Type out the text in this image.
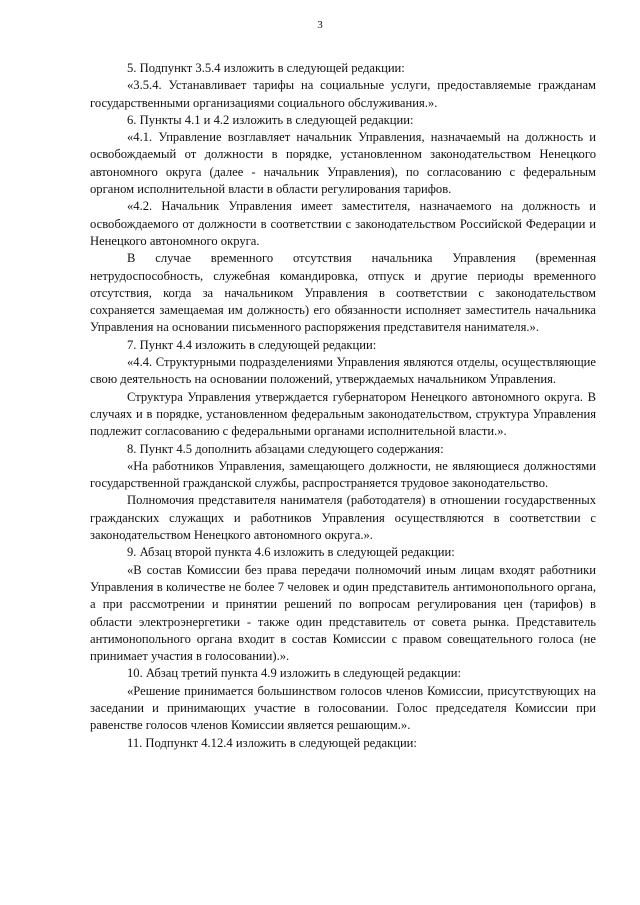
3

5. Подпункт 3.5.4 изложить в следующей редакции:

«3.5.4. Устанавливает тарифы на социальные услуги, предоставляемые гражданам государственными организациями социального обслуживания.».

6. Пункты 4.1 и 4.2 изложить в следующей редакции:

«4.1. Управление возглавляет начальник Управления, назначаемый на должность и освобождаемый от должности в порядке, установленном законодательством Ненецкого автономного округа (далее - начальник Управления), по согласованию с федеральным органом исполнительной власти в области регулирования тарифов.

«4.2. Начальник Управления имеет заместителя, назначаемого на должность и освобождаемого от должности в соответствии с законодательством Российской Федерации и Ненецкого автономного округа.

В случае временного отсутствия начальника Управления (временная нетрудоспособность, служебная командировка, отпуск и другие периоды временного отсутствия, когда за начальником Управления в соответствии с законодательством сохраняется замещаемая им должность) его обязанности исполняет заместитель начальника Управления на основании письменного распоряжения представителя нанимателя.».

7. Пункт 4.4 изложить в следующей редакции:

«4.4. Структурными подразделениями Управления являются отделы, осуществляющие свою деятельность на основании положений, утверждаемых начальником Управления.

Структура Управления утверждается губернатором Ненецкого автономного округа. В случаях и в порядке, установленном федеральным законодательством, структура Управления подлежит согласованию с федеральными органами исполнительной власти.».

8. Пункт 4.5 дополнить абзацами следующего содержания:

«На работников Управления, замещающего должности, не являющиеся должностями государственной гражданской службы, распространяется трудовое законодательство.

Полномочия представителя нанимателя (работодателя) в отношении государственных гражданских служащих и работников Управления осуществляются в соответствии с законодательством Ненецкого автономного округа.».

9. Абзац второй пункта 4.6 изложить в следующей редакции:

«В состав Комиссии без права передачи полномочий иным лицам входят работники Управления в количестве не более 7 человек и один представитель антимонопольного органа, а при рассмотрении и принятии решений по вопросам регулирования цен (тарифов) в области электроэнергетики - также один представитель от совета рынка. Представитель антимонопольного органа входит в состав Комиссии с правом совещательного голоса (не принимает участия в голосовании).».

10. Абзац третий пункта 4.9 изложить в следующей редакции:

«Решение принимается большинством голосов членов Комиссии, присутствующих на заседании и принимающих участие в голосовании. Голос председателя Комиссии при равенстве голосов членов Комиссии является решающим.».

11. Подпункт 4.12.4 изложить в следующей редакции:
